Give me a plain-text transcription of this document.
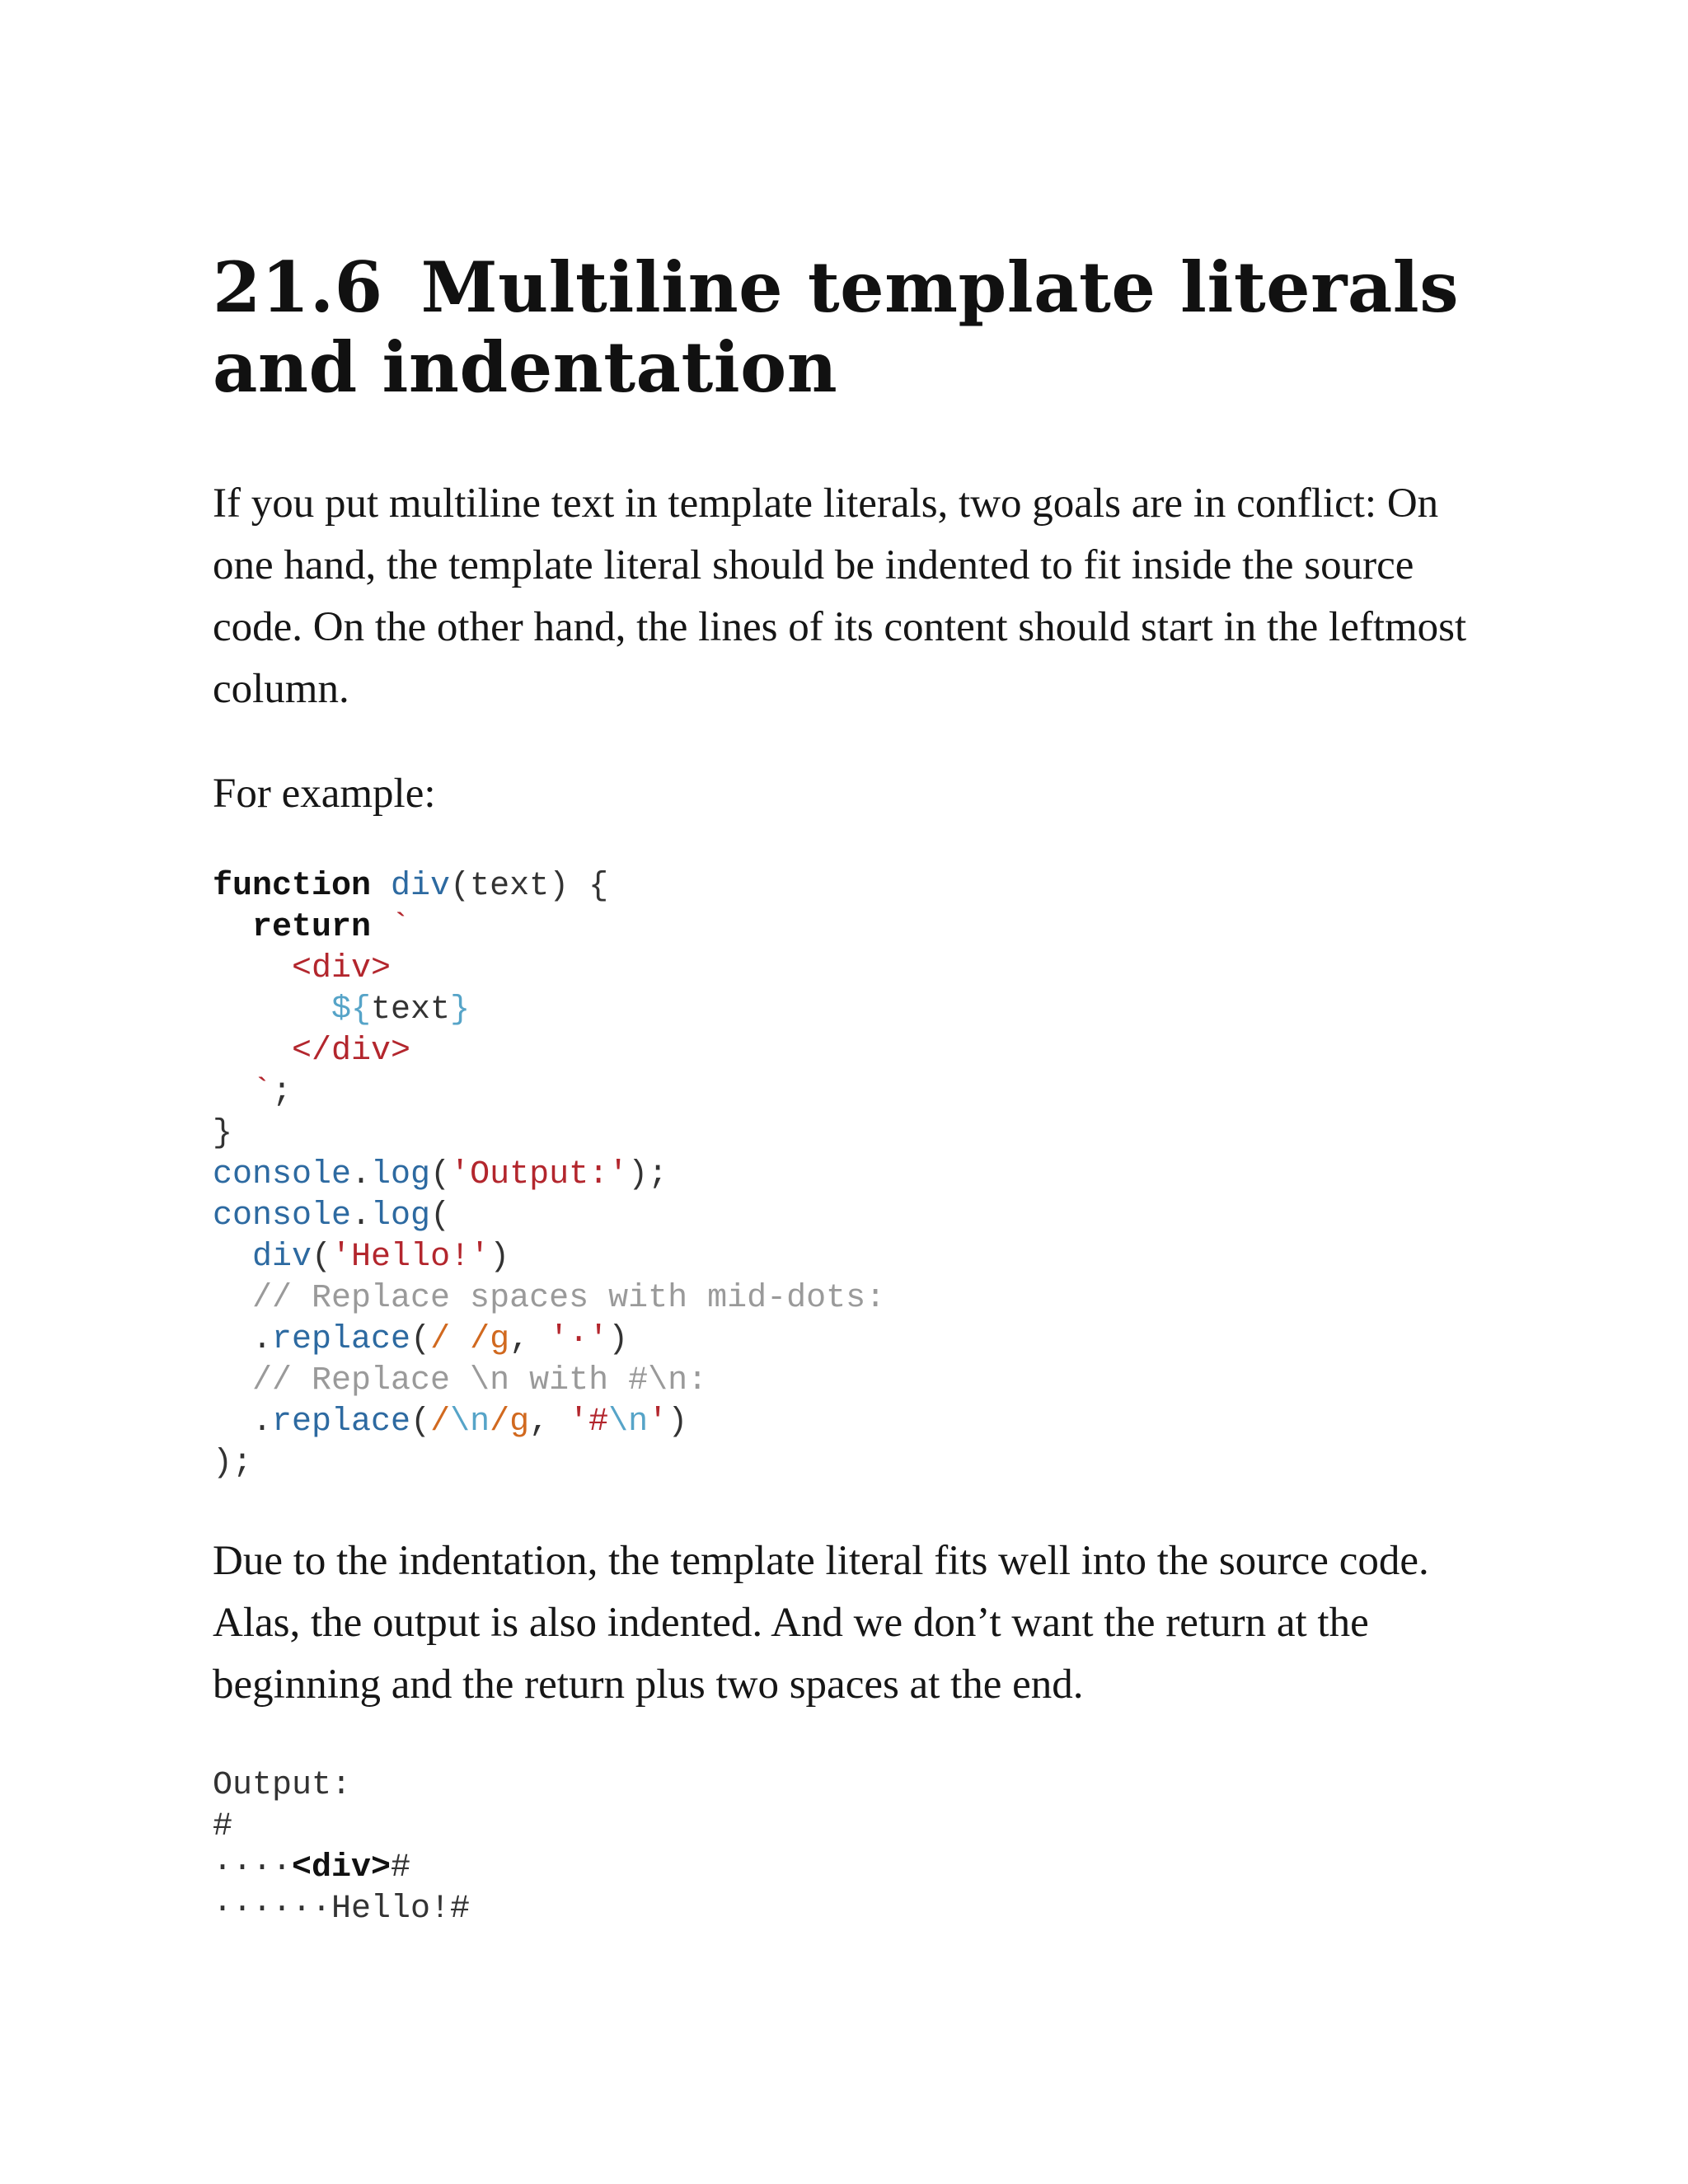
21.6 Multiline template literals and indentation

If you put multiline text in template literals, two goals are in conflict: On one hand, the template literal should be indented to fit inside the source code. On the other hand, the lines of its content should start in the leftmost column.

For example:

function div(text) {
return `
<div>
${text}
</div>
`;
}
console.log('Output:');
console.log(
div('Hello!')
// Replace spaces with mid-dots:
.replace(/ /g, '·')
// Replace \n with #\n:
.replace(/\n/g, '#\n')
);

Due to the indentation, the template literal fits well into the source code. Alas, the output is also indented. And we don’t want the return at the beginning and the return plus two spaces at the end.

Output:
#
····<div>#
······Hello!#
